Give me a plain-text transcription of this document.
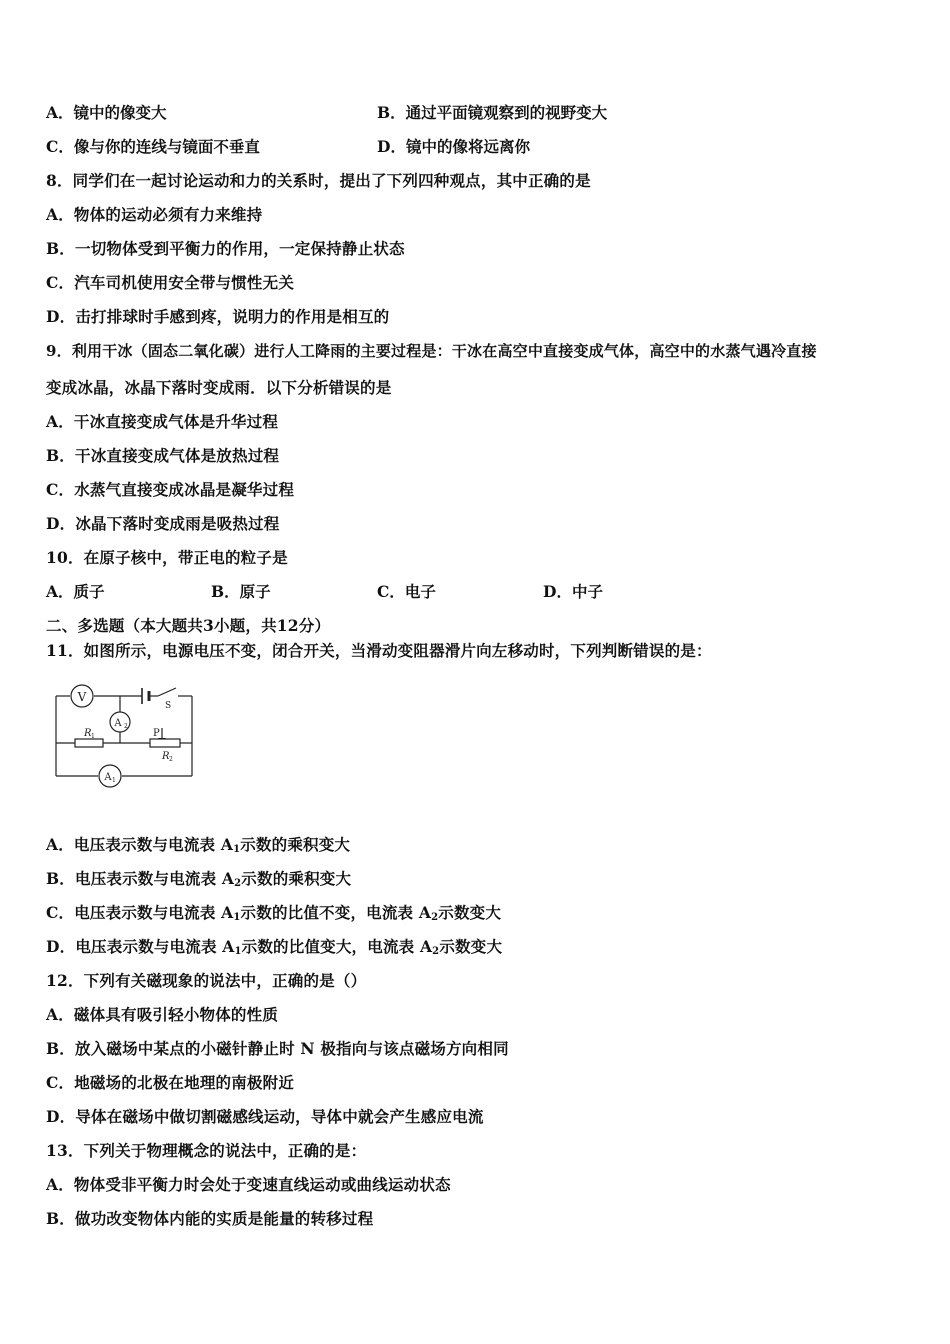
A．镜中的像变大	B．通过平面镜观察到的视野变大
C．像与你的连线与镜面不垂直	D．镜中的像将远离你
8．同学们在一起讨论运动和力的关系时，提出了下列四种观点，其中正确的是
A．物体的运动必须有力来维持
B．一切物体受到平衡力的作用，一定保持静止状态
C．汽车司机使用安全带与惯性无关
D．击打排球时手感到疼，说明力的作用是相互的
9．利用干冰（固态二氧化碳）进行人工降雨的主要过程是：干冰在高空中直接变成气体，高空中的水蒸气遇冷直接
变成冰晶，冰晶下落时变成雨．以下分析错误的是
A．干冰直接变成气体是升华过程
B．干冰直接变成气体是放热过程
C．水蒸气直接变成冰晶是凝华过程
D．冰晶下落时变成雨是吸热过程
10．在原子核中，带正电的粒子是
A．质子	B．原子	C．电子	D．中子
二、多选题（本大题共3小题，共12分）
11．如图所示，电源电压不变，闭合开关，当滑动变阻器滑片向左移动时，下列判断错误的是：
V
A 2
A 1
S
R 1	P
R 2
A．电压表示数与电流表 $A_1$示数的乘积变大
B．电压表示数与电流表 $A_2$示数的乘积变大
C．电压表示数与电流表 $A_1$示数的比值不变，电流表 $A_2$示数变大
D．电压表示数与电流表 $A_1$示数的比值变大，电流表 $A_2$示数变大
12．下列有关磁现象的说法中，正确的是（）
A．磁体具有吸引轻小物体的性质
B．放入磁场中某点的小磁针静止时 N 极指向与该点磁场方向相同
C．地磁场的北极在地理的南极附近
D．导体在磁场中做切割磁感线运动，导体中就会产生感应电流
13．下列关于物理概念的说法中，正确的是：
A．物体受非平衡力时会处于变速直线运动或曲线运动状态
B．做功改变物体内能的实质是能量的转移过程
